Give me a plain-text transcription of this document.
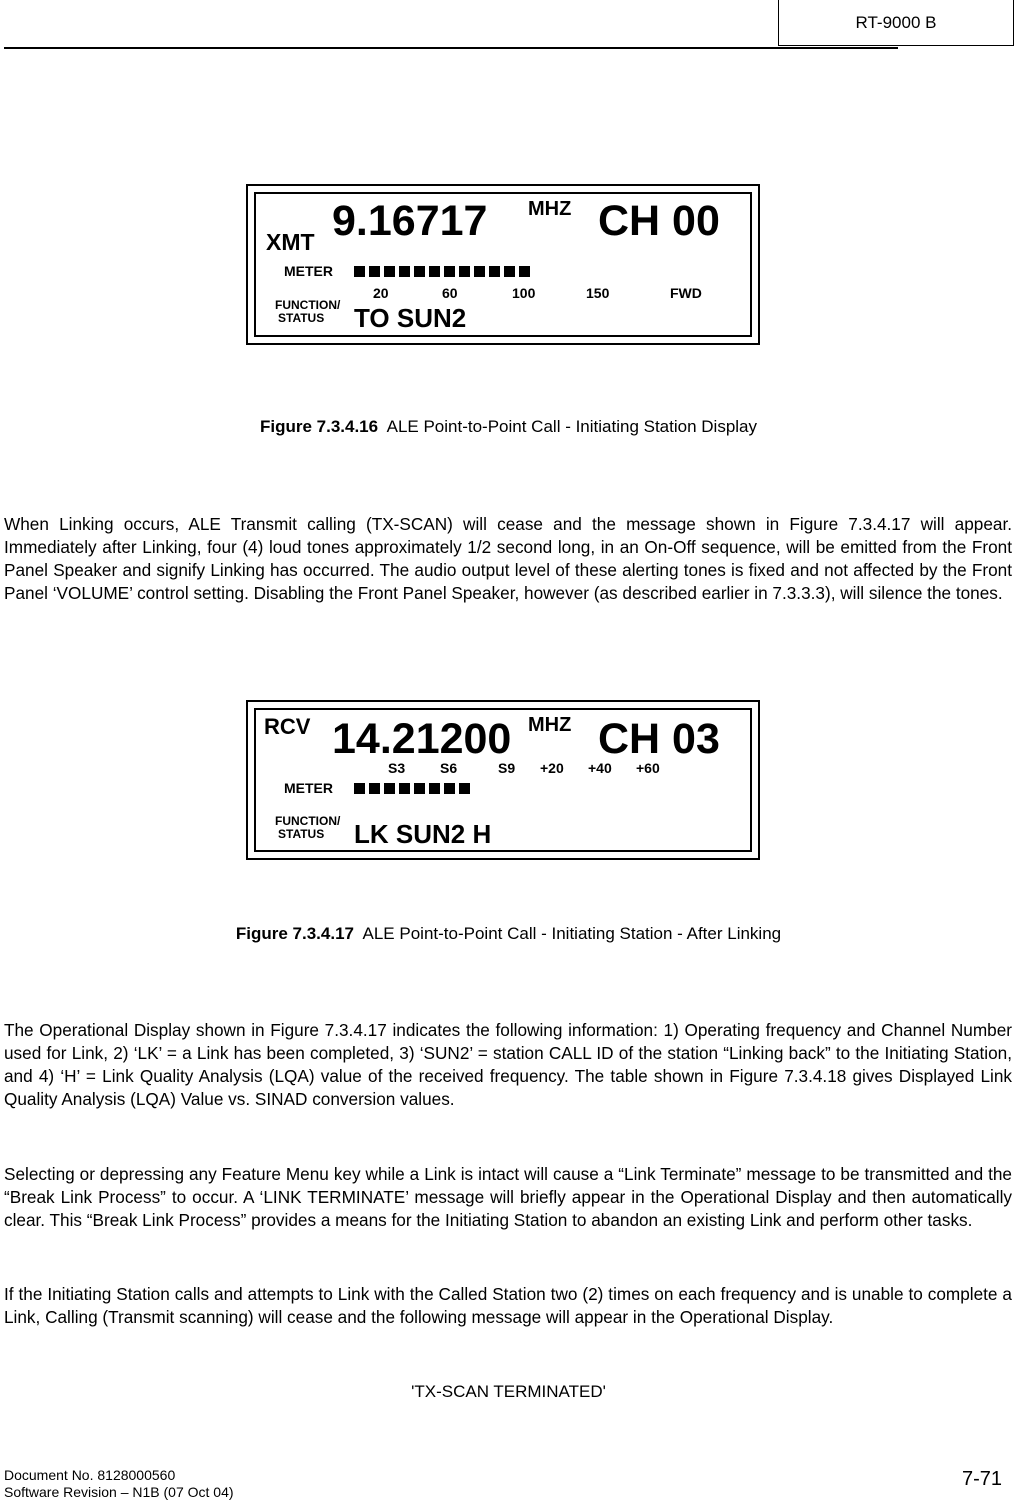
RT-9000 B
XMT 9.16717 MHZ CH 00
METER
20	60	100	150	FWD
FUNCTION/
STATUS TO SUN2
Figure 7.3.4.16 ALE Point-to-Point Call - Initiating Station Display
When Linking occurs, ALE Transmit calling (TX-SCAN) will cease and the message shown in Figure 7.3.4.17 will appear. Immediately after Linking, four (4) loud tones approximately 1/2 second long, in an On-Off sequence, will be emitted from the Front Panel Speaker and signify Linking has occurred. The audio output level of these alerting tones is fixed and not affected by the Front Panel ‘VOLUME’ control setting. Disabling the Front Panel Speaker, however (as described earlier in 7.3.3.3), will silence the tones.
RCV 14.21200 MHZ CH 03
S3 S6	S9 +20 +40 +60
METER
FUNCTION/
STATUS LK SUN2 H
Figure 7.3.4.17 ALE Point-to-Point Call - Initiating Station - After Linking
The Operational Display shown in Figure 7.3.4.17 indicates the following information: 1) Operating frequency and Channel Number used for Link, 2) ‘LK’ = a Link has been completed, 3) ‘SUN2’ = station CALL ID of the station “Linking back” to the Initiating Station, and 4) ‘H’ = Link Quality Analysis (LQA) value of the received frequency. The table shown in Figure 7.3.4.18 gives Displayed Link Quality Analysis (LQA) Value vs. SINAD conversion values.
Selecting or depressing any Feature Menu key while a Link is intact will cause a “Link Terminate” message to be transmitted and the “Break Link Process” to occur. A ‘LINK TERMINATE’ message will briefly appear in the Operational Display and then automatically clear. This “Break Link Process” provides a means for the Initiating Station to abandon an existing Link and perform other tasks.
If the Initiating Station calls and attempts to Link with the Called Station two (2) times on each frequency and is unable to complete a Link, Calling (Transmit scanning) will cease and the following message will appear in the Operational Display.
'TX-SCAN TERMINATED'
Document No. 8128000560
Software Revision – N1B (07 Oct 04)
7-71
